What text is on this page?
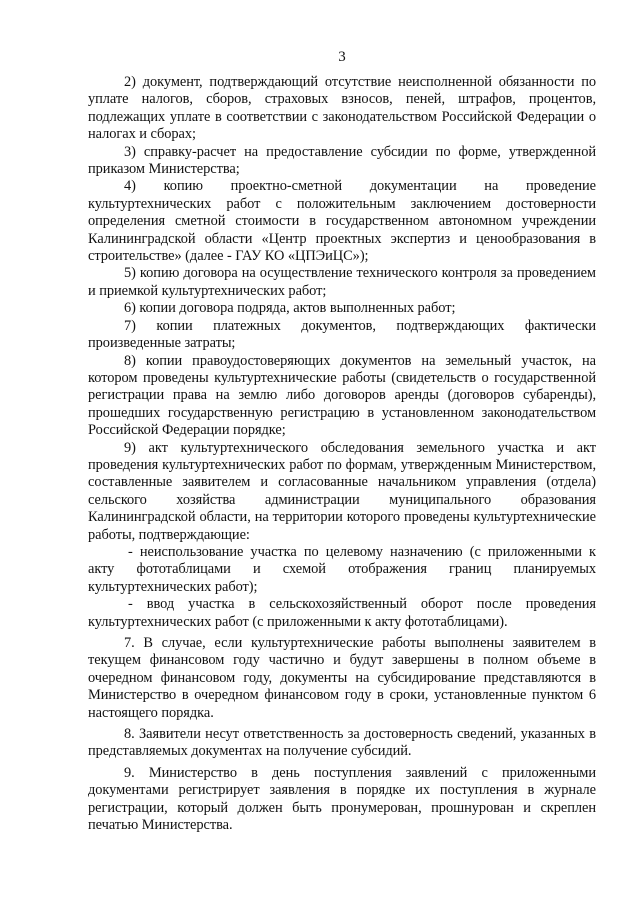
3

2) документ, подтверждающий отсутствие неисполненной обязанности по уплате налогов, сборов, страховых взносов, пеней, штрафов, процентов, подлежащих уплате в соответствии с законодательством Российской Федерации о налогах и сборах;

3) справку-расчет на предоставление субсидии по форме, утвержденной приказом Министерства;

4) копию проектно-сметной документации на проведение культуртехнических работ с положительным заключением достоверности определения сметной стоимости в государственном автономном учреждении Калининградской области «Центр проектных экспертиз и ценообразования в строительстве» (далее - ГАУ КО «ЦПЭиЦС»);

5) копию договора на осуществление технического контроля за проведением и приемкой культуртехнических работ;

6) копии договора подряда, актов выполненных работ;

7) копии платежных документов, подтверждающих фактически произведенные затраты;

8) копии правоудостоверяющих документов на земельный участок, на котором проведены культуртехнические работы (свидетельств о государственной регистрации права на землю либо договоров аренды (договоров субаренды), прошедших государственную регистрацию в установленном законодательством Российской Федерации порядке;

9) акт культуртехнического обследования земельного участка и акт проведения культуртехнических работ по формам, утвержденным Министерством, составленные заявителем и согласованные начальником управления (отдела) сельского хозяйства администрации муниципального образования Калининградской области, на территории которого проведены культуртехнические работы, подтверждающие:

- неиспользование участка по целевому назначению (с приложенными к акту фототаблицами и схемой отображения границ планируемых культуртехнических работ);

- ввод участка в сельскохозяйственный оборот после проведения культуртехнических работ (с приложенными к акту фототаблицами).

7. В случае, если культуртехнические работы выполнены заявителем в текущем финансовом году частично и будут завершены в полном объеме в очередном финансовом году, документы на субсидирование представляются в Министерство в очередном финансовом году в сроки, установленные пунктом 6 настоящего порядка.

8. Заявители несут ответственность за достоверность сведений, указанных в представляемых документах на получение субсидий.

9. Министерство в день поступления заявлений с приложенными документами регистрирует заявления в порядке их поступления в журнале регистрации, который должен быть пронумерован, прошнурован и скреплен печатью Министерства.
